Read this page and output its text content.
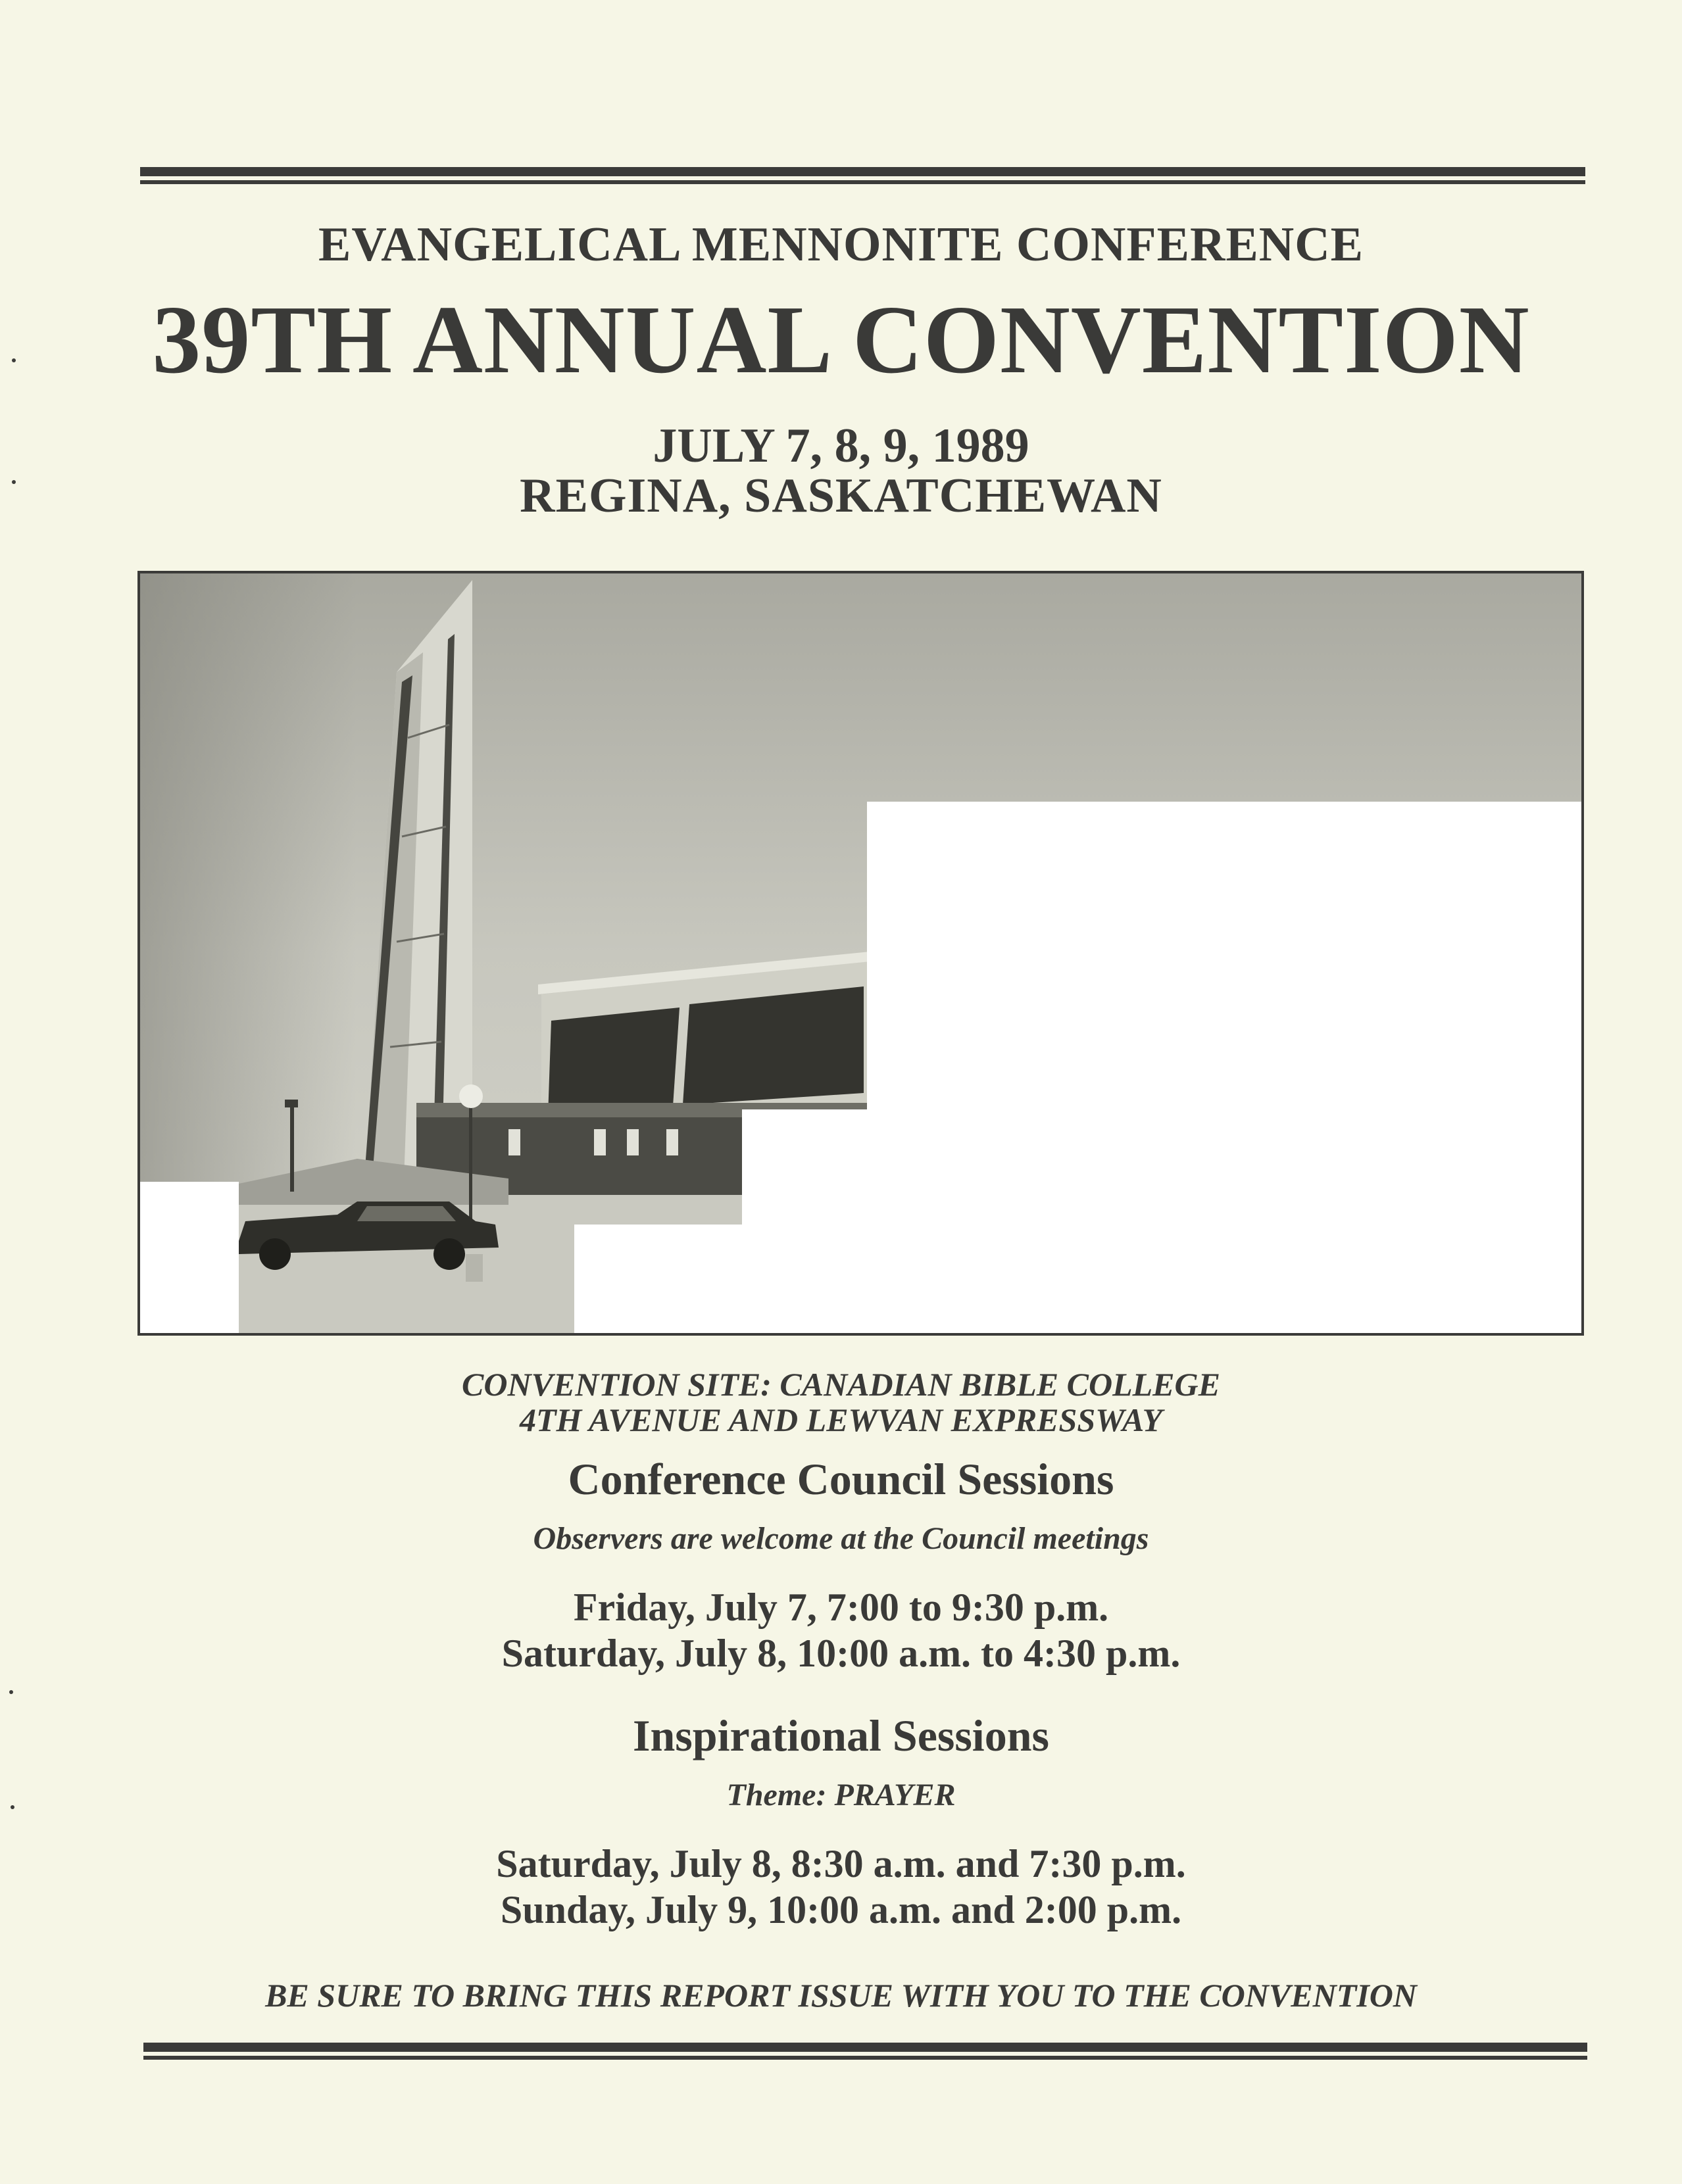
EVANGELICAL MENNONITE CONFERENCE
39TH ANNUAL CONVENTION
JULY 7, 8, 9, 1989
REGINA, SASKATCHEWAN
CONVENTION SITE: CANADIAN BIBLE COLLEGE
4TH AVENUE AND LEWVAN EXPRESSWAY
Conference Council Sessions
Observers are welcome at the Council meetings
Friday, July 7, 7:00 to 9:30 p.m.
Saturday, July 8, 10:00 a.m. to 4:30 p.m.
Inspirational Sessions
Theme: PRAYER
Saturday, July 8, 8:30 a.m. and 7:30 p.m.
Sunday, July 9, 10:00 a.m. and 2:00 p.m.
BE SURE TO BRING THIS REPORT ISSUE WITH YOU TO THE CONVENTION
